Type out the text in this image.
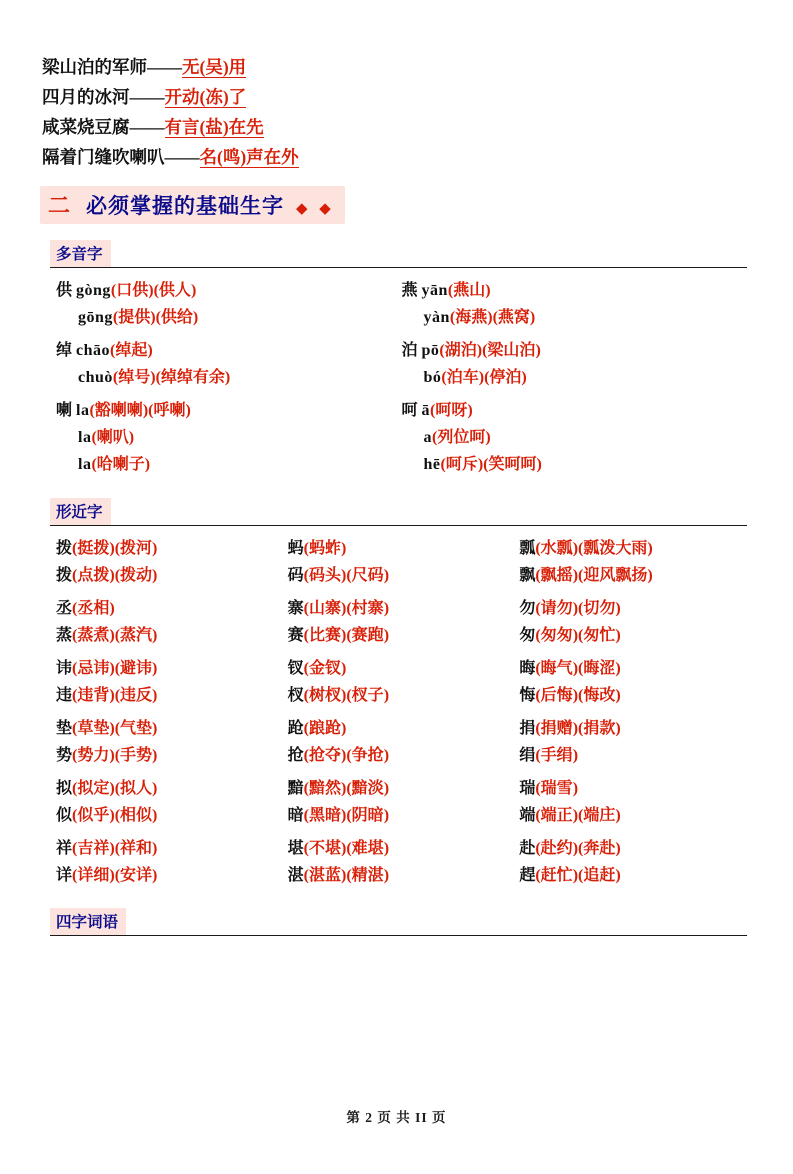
梁山泊的军师——无(吴)用
四月的冰河——开动(冻)了
咸菜烧豆腐——有言(盐)在先
隔着门缝吹喇叭——名(鸣)声在外
二 必须掌握的基础生字 ◆ ◆
多音字
供 gòng(口供)(供人)
gōng(提供)(供给)
燕 yān(燕山)
yàn(海燕)(燕窝)
绰 chāo(绰起)
chuò(绰号)(绰绰有余)
泊 pō(湖泊)(梁山泊)
bó(泊车)(停泊)
喇 la(豁喇喇)(呼喇)
la(喇叭)
la(哈喇子)
呵 ā(呵呀)
a(列位呵)
hē(呵斥)(笑呵呵)
形近字
拨(挺拨)(拨河)
拨(点拨)(拨动)
蚂(蚂蚱)
码(码头)(尺码)
瓢(水瓢)(瓢泼大雨)
飘(飘摇)(迎风飘扬)
丞(丞相)
蒸(蒸煮)(蒸汽)
寨(山寨)(村寨)
赛(比赛)(赛跑)
勿(请勿)(切勿)
匆(匆匆)(匆忙)
讳(忌讳)(避讳)
违(违背)(违反)
钗(金钗)
杈(树杈)(杈子)
晦(晦气)(晦涩)
悔(后悔)(悔改)
垫(草垫)(气垫)
势(势力)(手势)
跄(踉跄)
抢(抢夺)(争抢)
捐(捐赠)(捐款)
绢(手绢)
拟(拟定)(拟人)
似(似乎)(相似)
黯(黯然)(黯淡)
暗(黑暗)(阴暗)
瑞(瑞雪)
端(端正)(端庄)
祥(吉祥)(祥和)
详(详细)(安详)
堪(不堪)(难堪)
湛(湛蓝)(精湛)
赴(赴约)(奔赴)
趕(赶忙)(追赶)
四字词语
第 2 页 共 II 页
